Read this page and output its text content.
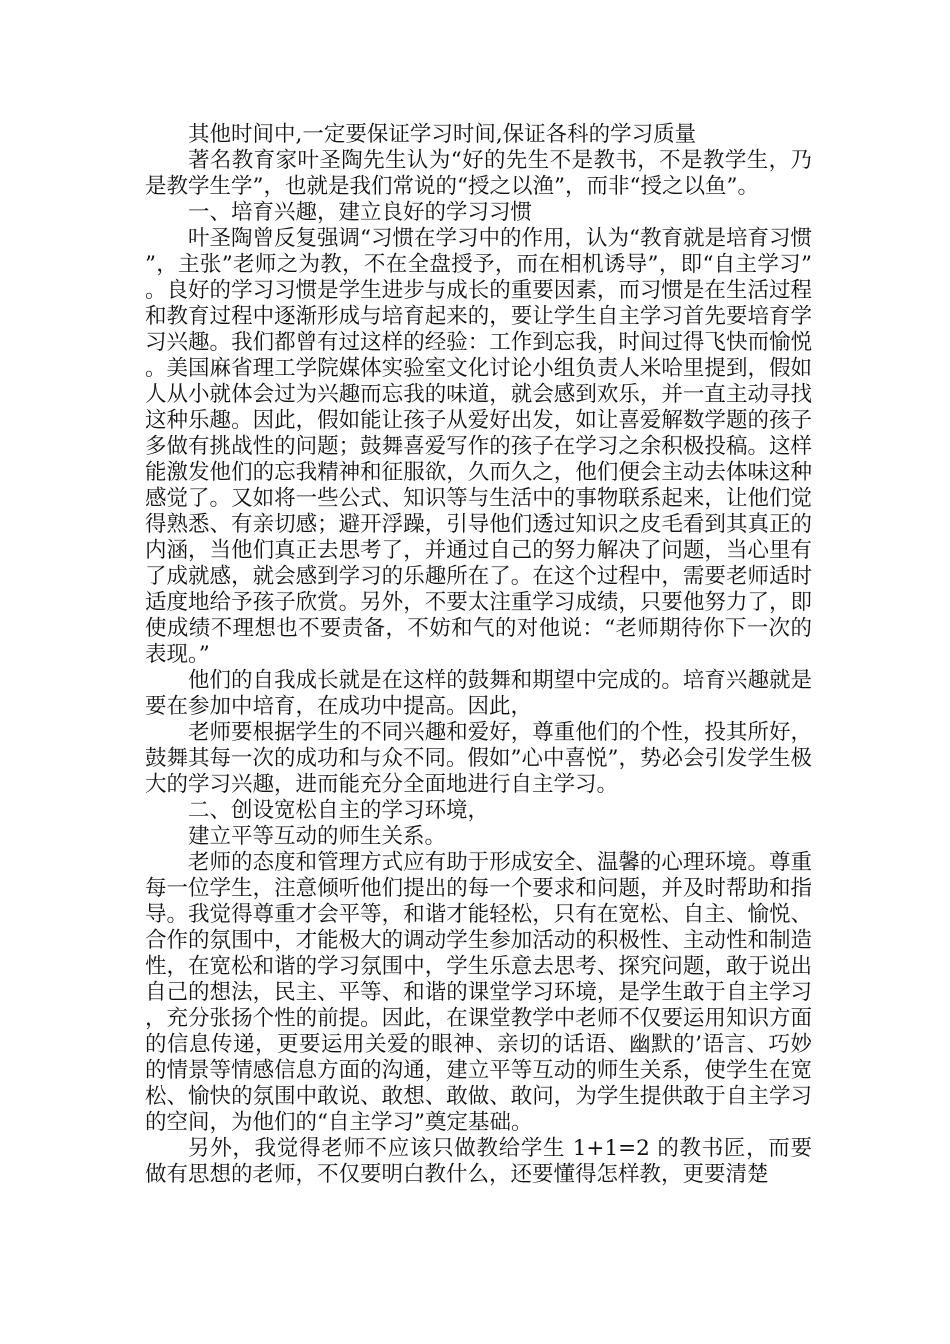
其他时间中,一定要保证学习时间,保证各科的学习质量

著名教育家叶圣陶先生认为“好的先生不是教书，不是教学生，乃是教学生学”，也就是我们常说的“授之以渔”，而非“授之以鱼”。

一、培育兴趣，建立良好的学习习惯

叶圣陶曾反复强调“习惯在学习中的作用，认为“教育就是培育习惯”，主张”老师之为教，不在全盘授予，而在相机诱导”，即“自主学习”。良好的学习习惯是学生进步与成长的重要因素，而习惯是在生活过程和教育过程中逐渐形成与培育起来的，要让学生自主学习首先要培育学习兴趣。我们都曾有过这样的经验：工作到忘我，时间过得飞快而愉悦。美国麻省理工学院媒体实验室文化讨论小组负责人米哈里提到，假如人从小就体会过为兴趣而忘我的味道，就会感到欢乐，并一直主动寻找这种乐趣。因此，假如能让孩子从爱好出发，如让喜爱解数学题的孩子多做有挑战性的问题；鼓舞喜爱写作的孩子在学习之余积极投稿。这样能激发他们的忘我精神和征服欲，久而久之，他们便会主动去体味这种感觉了。又如将一些公式、知识等与生活中的事物联系起来，让他们觉得熟悉、有亲切感；避开浮躁，引导他们透过知识之皮毛看到其真正的内涵，当他们真正去思考了，并通过自己的努力解决了问题，当心里有了成就感，就会感到学习的乐趣所在了。在这个过程中，需要老师适时适度地给予孩子欣赏。另外，不要太注重学习成绩，只要他努力了，即使成绩不理想也不要责备，不妨和气的对他说：“老师期待你下一次的表现。”

他们的自我成长就是在这样的鼓舞和期望中完成的。培育兴趣就是要在参加中培育，在成功中提高。因此，

老师要根据学生的不同兴趣和爱好，尊重他们的个性，投其所好，鼓舞其每一次的成功和与众不同。假如”心中喜悦”，势必会引发学生极大的学习兴趣，进而能充分全面地进行自主学习。

二、创设宽松自主的学习环境，

建立平等互动的师生关系。

老师的态度和管理方式应有助于形成安全、温馨的心理环境。尊重每一位学生，注意倾听他们提出的每一个要求和问题，并及时帮助和指导。我觉得尊重才会平等，和谐才能轻松，只有在宽松、自主、愉悦、合作的氛围中，才能极大的调动学生参加活动的积极性、主动性和制造性，在宽松和谐的学习氛围中，学生乐意去思考、探究问题，敢于说出自己的想法，民主、平等、和谐的课堂学习环境，是学生敢于自主学习，充分张扬个性的前提。因此，在课堂教学中老师不仅要运用知识方面的信息传递，更要运用关爱的眼神、亲切的话语、幽默的’语言、巧妙的情景等情感信息方面的沟通，建立平等互动的师生关系，使学生在宽松、愉快的氛围中敢说、敢想、敢做、敢问，为学生提供敢于自主学习的空间，为他们的“自主学习”奠定基础。

另外，我觉得老师不应该只做教给学生 1+1=2 的教书匠，而要做有思想的老师，不仅要明白教什么，还要懂得怎样教，更要清楚
